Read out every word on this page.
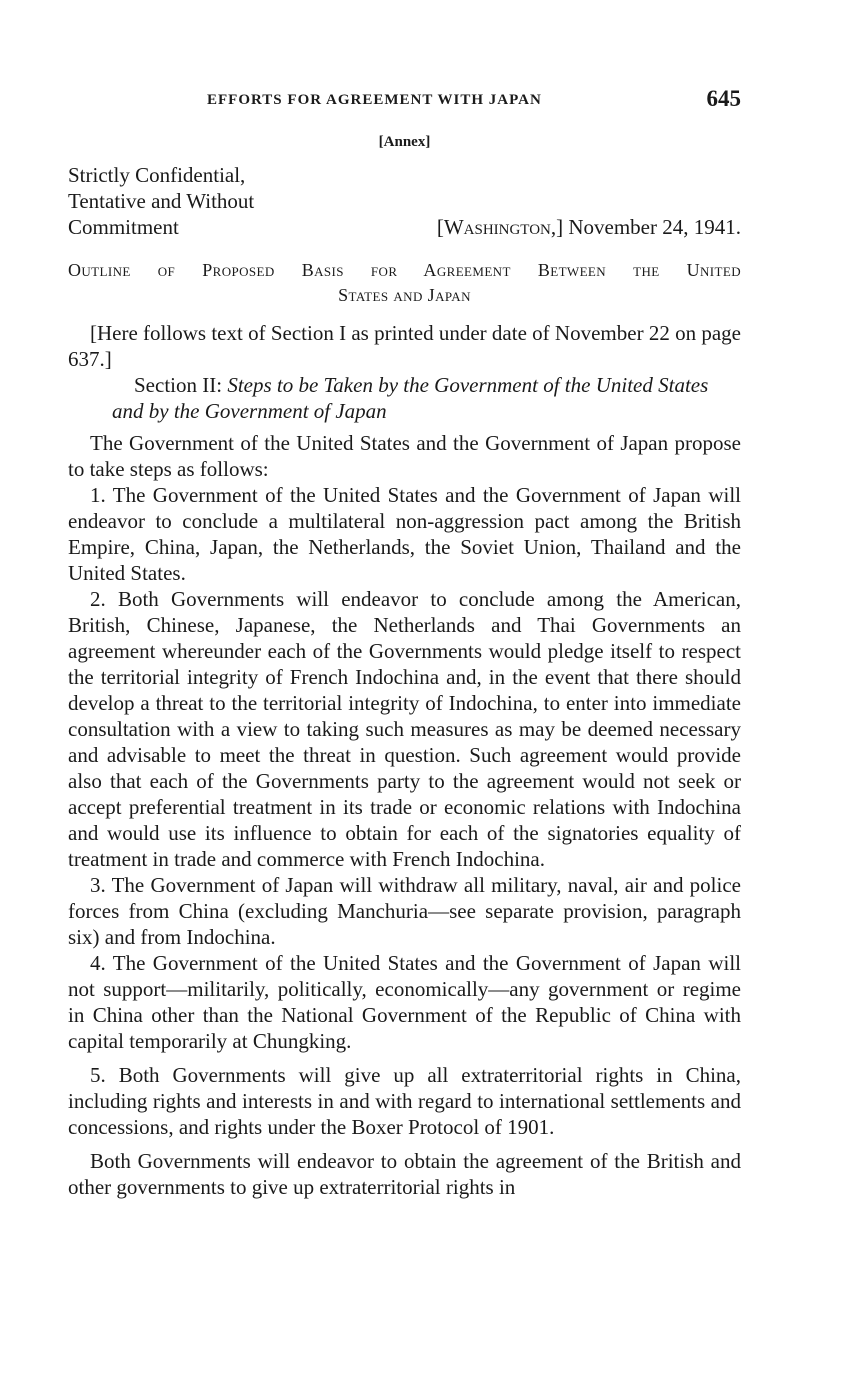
EFFORTS FOR AGREEMENT WITH JAPAN	645
[Annex]
Strictly Confidential,
Tentative and Without
Commitment	[Washington,] November 24, 1941.
Outline of Proposed Basis for Agreement Between the United
States and Japan

[Here follows text of Section I as printed under date of November 22 on page 637.]

Section II: Steps to be Taken by the Government of the United States and by the Government of Japan

The Government of the United States and the Government of Japan propose to take steps as follows:

1. The Government of the United States and the Government of Japan will endeavor to conclude a multilateral non-aggression pact among the British Empire, China, Japan, the Netherlands, the Soviet Union, Thailand and the United States.

2. Both Governments will endeavor to conclude among the American, British, Chinese, Japanese, the Netherlands and Thai Governments an agreement whereunder each of the Governments would pledge itself to respect the territorial integrity of French Indochina and, in the event that there should develop a threat to the territorial integrity of Indochina, to enter into immediate consultation with a view to taking such measures as may be deemed necessary and advisable to meet the threat in question. Such agreement would provide also that each of the Governments party to the agreement would not seek or accept preferential treatment in its trade or economic relations with Indochina and would use its influence to obtain for each of the signatories equality of treatment in trade and commerce with French Indochina.

3. The Government of Japan will withdraw all military, naval, air and police forces from China (excluding Manchuria—see separate provision, paragraph six) and from Indochina.

4. The Government of the United States and the Government of Japan will not support—militarily, politically, economically—any government or regime in China other than the National Government of the Republic of China with capital temporarily at Chungking.

5. Both Governments will give up all extraterritorial rights in China, including rights and interests in and with regard to international settlements and concessions, and rights under the Boxer Protocol of 1901.

Both Governments will endeavor to obtain the agreement of the British and other governments to give up extraterritorial rights in
